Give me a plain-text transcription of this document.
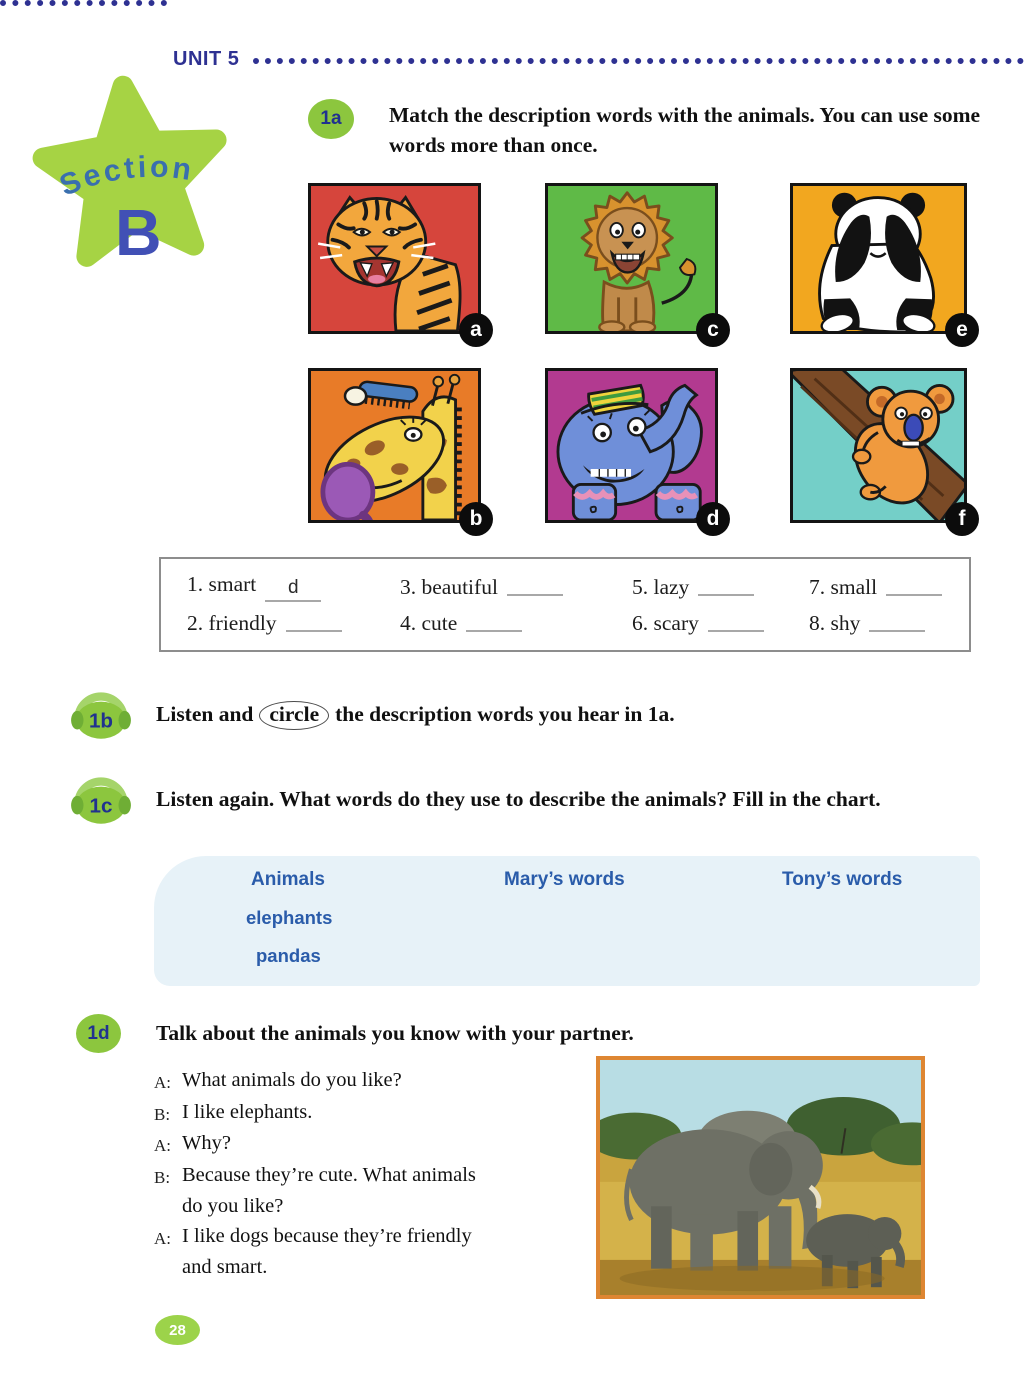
UNIT 5
Section
B
1a	Match the description words with the animals. You can use some words more than once.
a	c	e
b	d	f
1. smart d	3. beautiful	5. lazy	7. small
2. friendly	4. cute	6. scary	8. shy
1b Listen and circle the description words you hear in 1a.
1c Listen again. What words do they use to describe the animals? Fill in the chart.
Animals	Mary’s words	Tony’s words
elephants
pandas
1d	Talk about the animals you know with your partner.
A: What animals do you like?
B: I like elephants.
A: Why?
B: Because they’re cute. What animals
do you like?
A: I like dogs because they’re friendly
and smart.
28
